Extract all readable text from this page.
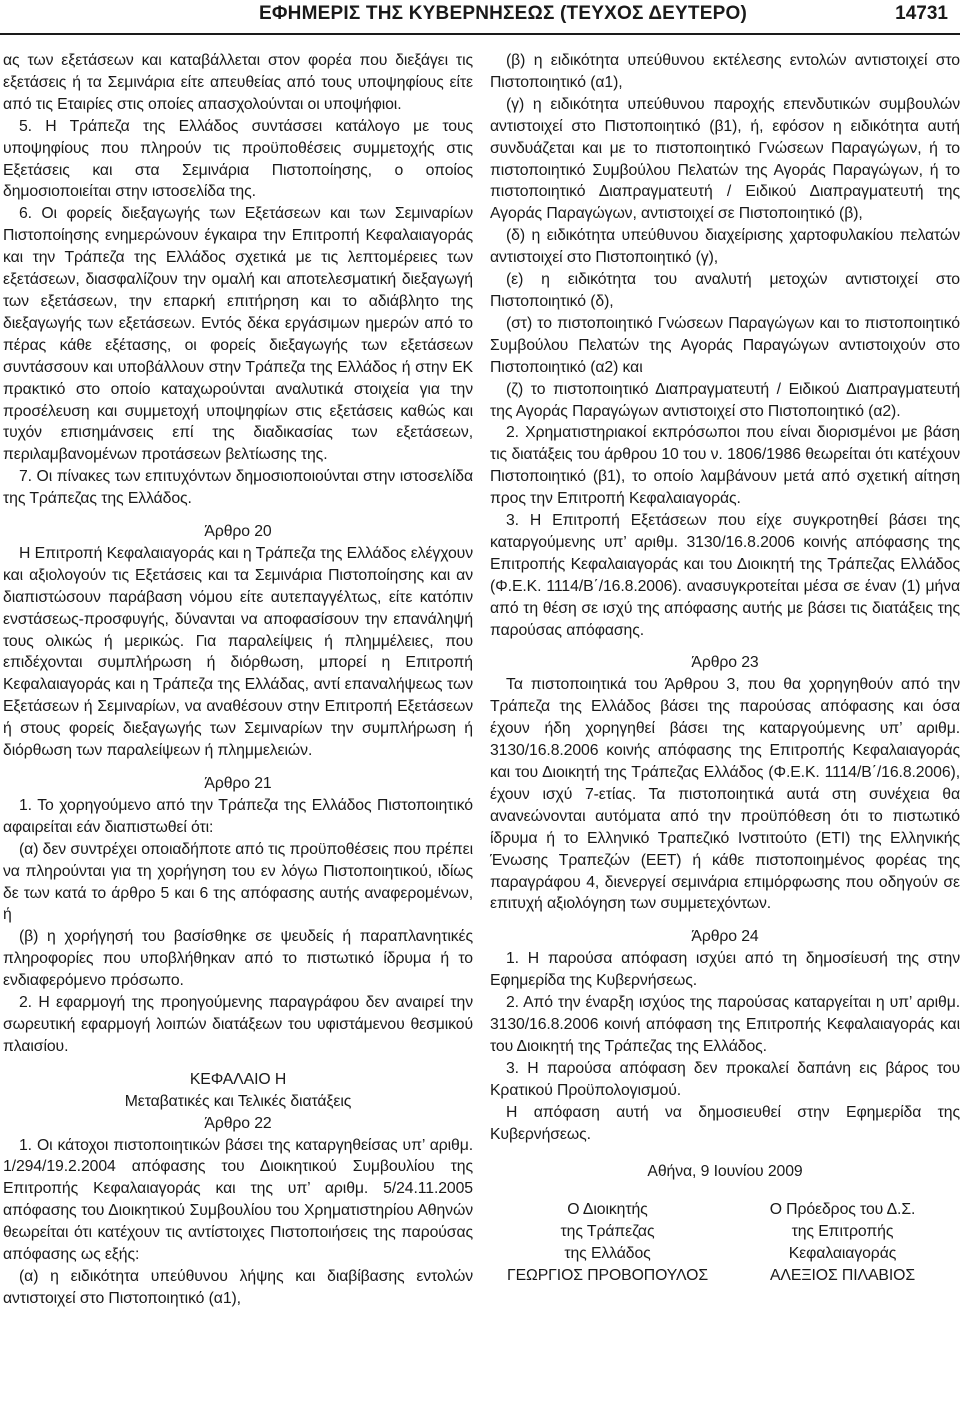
ΕΦΗΜΕΡΙΣ ΤΗΣ ΚΥΒΕΡΝΗΣΕΩΣ (ΤΕΥΧΟΣ ΔΕΥΤΕΡΟ)	14731

ας των εξετάσεων και καταβάλλεται στον φορέα που διεξάγει τις εξετάσεις ή τα Σεμινάρια είτε απευθείας από τους υποψηφίους είτε από τις Εταιρίες στις οποίες απασχολούνται οι υποψήφιοι.

5. Η Τράπεζα της Ελλάδος συντάσσει κατάλογο με τους υποψηφίους που πληρούν τις προϋποθέσεις συμμετοχής στις Εξετάσεις και στα Σεμινάρια Πιστοποίησης, ο οποίος δημοσιοποιείται στην ιστοσελίδα της.

6. Οι φορείς διεξαγωγής των Εξετάσεων και των Σεμιναρίων Πιστοποίησης ενημερώνουν έγκαιρα την Επιτροπή Κεφαλαιαγοράς και την Τράπεζα της Ελλάδος σχετικά με τις λεπτομέρειες των εξετάσεων, διασφαλίζουν την ομαλή και αποτελεσματική διεξαγωγή των εξετάσεων, την επαρκή επιτήρηση και το αδιάβλητο της διεξαγωγής των εξετάσεων. Εντός δέκα εργάσιμων ημερών από το πέρας κάθε εξέτασης, οι φορείς διεξαγωγής των εξετάσεων συντάσσουν και υποβάλλουν στην Τράπεζα της Ελλάδος ή στην ΕΚ πρακτικό στο οποίο καταχωρούνται αναλυτικά στοιχεία για την προσέλευση και συμμετοχή υποψηφίων στις εξετάσεις καθώς και τυχόν επισημάνσεις επί της διαδικασίας των εξετάσεων, περιλαμβανομένων προτάσεων βελτίωσης της.

7. Οι πίνακες των επιτυχόντων δημοσιοποιούνται στην ιστοσελίδα της Τράπεζας της Ελλάδος.

Άρθρο 20

Η Επιτροπή Κεφαλαιαγοράς και η Τράπεζα της Ελλάδος ελέγχουν και αξιολογούν τις Εξετάσεις και τα Σεμινάρια Πιστοποίησης και αν διαπιστώσουν παράβαση νόμου είτε αυτεπαγγέλτως, είτε κατόπιν ενστάσεως-προσφυγής, δύνανται να αποφασίσουν την επανάληψή τους ολικώς ή μερικώς. Για παραλείψεις ή πλημμέλειες, που επιδέχονται συμπλήρωση ή διόρθωση, μπορεί η Επιτροπή Κεφαλαιαγοράς και η Τράπεζα της Ελλάδας, αντί επαναλήψεως των Εξετάσεων ή Σεμιναρίων, να αναθέσουν στην Επιτροπή Εξετάσεων ή στους φορείς διεξαγωγής των Σεμιναρίων την συμπλήρωση ή διόρθωση των παραλείψεων ή πλημμελειών.

Άρθρο 21

1. Το χορηγούμενο από την Τράπεζα της Ελλάδος Πιστοποιητικό αφαιρείται εάν διαπιστωθεί ότι:

(α) δεν συντρέχει οποιαδήποτε από τις προϋποθέσεις που πρέπει να πληρούνται για τη χορήγηση του εν λόγω Πιστοποιητικού, ιδίως δε των κατά το άρθρο 5 και 6 της απόφασης αυτής αναφερομένων, ή

(β) η χορήγησή του βασίσθηκε σε ψευδείς ή παραπλανητικές πληροφορίες που υποβλήθηκαν από το πιστωτικό ίδρυμα ή το ενδιαφερόμενο πρόσωπο.

2. Η εφαρμογή της προηγούμενης παραγράφου δεν αναιρεί την σωρευτική εφαρμογή λοιπών διατάξεων του υφιστάμενου θεσμικού πλαισίου.

ΚΕΦΑΛΑΙΟ Η

Μεταβατικές και Τελικές διατάξεις

Άρθρο 22

1. Οι κάτοχοι πιστοποιητικών βάσει της καταργηθείσας υπ’ αριθμ. 1/294/19.2.2004 απόφασης του Διοικητικού Συμβουλίου της Επιτροπής Κεφαλαιαγοράς και της υπ’ αριθμ. 5/24.11.2005 απόφασης του Διοικητικού Συμβουλίου του Χρηματιστηρίου Αθηνών θεωρείται ότι κατέχουν τις αντίστοιχες Πιστοποιήσεις της παρούσας απόφασης ως εξής:

(α) η ειδικότητα υπεύθυνου λήψης και διαβίβασης εντολών αντιστοιχεί στο Πιστοποιητικό (α1),

(β) η ειδικότητα υπεύθυνου εκτέλεσης εντολών αντιστοιχεί στο Πιστοποιητικό (α1),

(γ) η ειδικότητα υπεύθυνου παροχής επενδυτικών συμβουλών αντιστοιχεί στο Πιστοποιητικό (β1), ή, εφόσον η ειδικότητα αυτή συνδυάζεται και με το πιστοποιητικό Γνώσεων Παραγώγων, ή το πιστοποιητικό Συμβούλου Πελατών της Αγοράς Παραγώγων, ή το πιστοποιητικό Διαπραγματευτή / Ειδικού Διαπραγματευτή της Αγοράς Παραγώγων, αντιστοιχεί σε Πιστοποιητικό (β),

(δ) η ειδικότητα υπεύθυνου διαχείρισης χαρτοφυλακίου πελατών αντιστοιχεί στο Πιστοποιητικό (γ),

(ε) η ειδικότητα του αναλυτή μετοχών αντιστοιχεί στο Πιστοποιητικό (δ),

(στ) το πιστοποιητικό Γνώσεων Παραγώγων και το πιστοποιητικό Συμβούλου Πελατών της Αγοράς Παραγώγων αντιστοιχούν στο Πιστοποιητικό (α2) και

(ζ) το πιστοποιητικό Διαπραγματευτή / Ειδικού Διαπραγματευτή της Αγοράς Παραγώγων αντιστοιχεί στο Πιστοποιητικό (α2).

2. Χρηματιστηριακοί εκπρόσωποι που είναι διορισμένοι με βάση τις διατάξεις του άρθρου 10 του ν. 1806/1986 θεωρείται ότι κατέχουν Πιστοποιητικό (β1), το οποίο λαμβάνουν μετά από σχετική αίτηση προς την Επιτροπή Κεφαλαιαγοράς.

3. Η Επιτροπή Εξετάσεων που είχε συγκροτηθεί βάσει της καταργούμενης υπ’ αριθμ. 3130/16.8.2006 κοινής απόφασης της Επιτροπής Κεφαλαιαγοράς και του Διοικητή της Τράπεζας Ελλάδος (Φ.Ε.Κ. 1114/Β΄/16.8.2006). ανασυγκροτείται μέσα σε έναν (1) μήνα από τη θέση σε ισχύ της απόφασης αυτής με βάσει τις διατάξεις της παρούσας απόφασης.

Άρθρο 23

Τα πιστοποιητικά του Άρθρου 3, που θα χορηγηθούν από την Τράπεζα της Ελλάδος βάσει της παρούσας απόφασης και όσα έχουν ήδη χορηγηθεί βάσει της καταργούμενης υπ’ αριθμ. 3130/16.8.2006 κοινής απόφασης της Επιτροπής Κεφαλαιαγοράς και του Διοικητή της Τράπεζας Ελλάδος (Φ.Ε.Κ. 1114/Β΄/16.8.2006), έχουν ισχύ 7-ετίας. Τα πιστοποιητικά αυτά στη συνέχεια θα ανανεώνονται αυτόματα από την προϋπόθεση ότι το πιστωτικό ίδρυμα ή το Ελληνικό Τραπεζικό Ινστιτούτο (ΕΤΙ) της Ελληνικής Ένωσης Τραπεζών (ΕΕΤ) ή κάθε πιστοποιημένος φορέας της παραγράφου 4, διενεργεί σεμινάρια επιμόρφωσης που οδηγούν σε επιτυχή αξιολόγηση των συμμετεχόντων.

Άρθρο 24

1. Η παρούσα απόφαση ισχύει από τη δημοσίευσή της στην Εφημερίδα της Κυβερνήσεως.

2. Από την έναρξη ισχύος της παρούσας καταργείται η υπ’ αριθμ. 3130/16.8.2006 κοινή απόφαση της Επιτροπής Κεφαλαιαγοράς και του Διοικητή της Τράπεζας της Ελλάδος.

3. Η παρούσα απόφαση δεν προκαλεί δαπάνη εις βάρος του Κρατικού Προϋπολογισμού.

Η απόφαση αυτή να δημοσιευθεί στην Εφημερίδα της Κυβερνήσεως.

Αθήνα, 9 Ιουνίου 2009

Ο Διοικητής
της Τράπεζας
της Ελλάδος
ΓΕΩΡΓΙΟΣ ΠΡΟΒΟΠΟΥΛΟΣ
Ο Πρόεδρος του Δ.Σ.
της Επιτροπής
Κεφαλαιαγοράς
ΑΛΕΞΙΟΣ ΠΙΛΑΒΙΟΣ
